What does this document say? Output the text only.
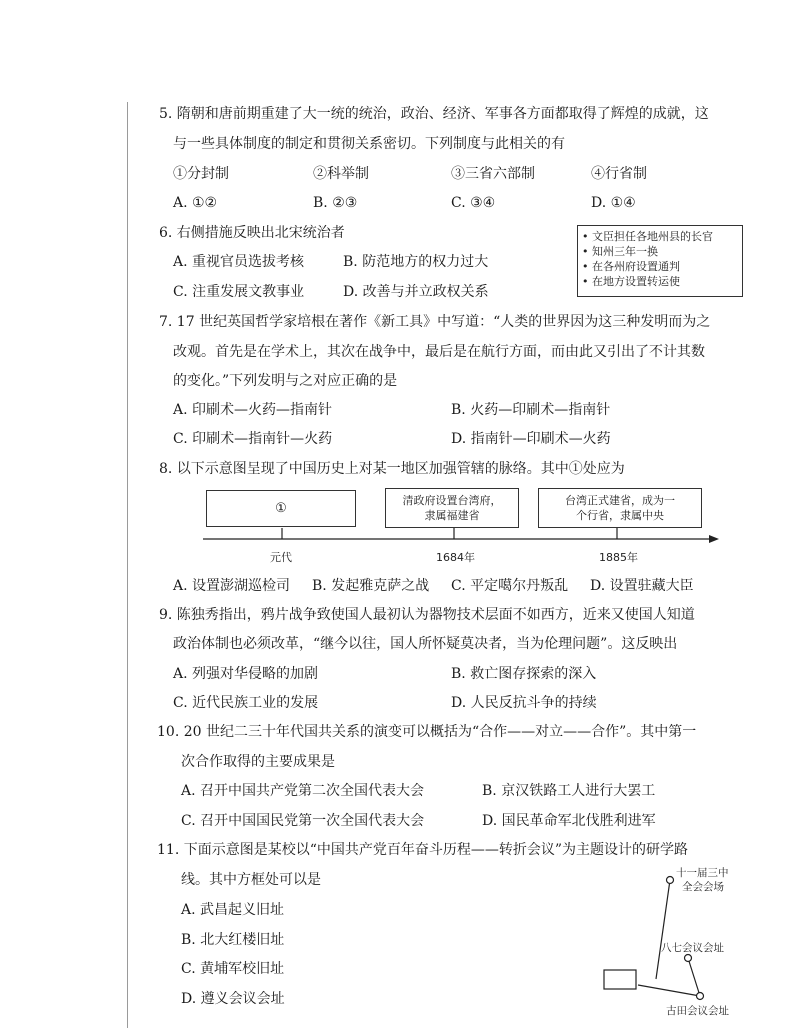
5. 隋朝和唐前期重建了大一统的统治，政治、经济、军事各方面都取得了辉煌的成就，这
与一些具体制度的制定和贯彻关系密切。下列制度与此相关的有
①分封制	②科举制	③三省六部制	④行省制
A. ①②	B. ②③	C. ③④	D. ①④
6. 右侧措施反映出北宋统治者
A. 重视官员选拔考核	B. 防范地方的权力过大
C. 注重发展文教事业	D. 改善与并立政权关系
• 文臣担任各地州县的长官
• 知州三年一换
• 在各州府设置通判
• 在地方设置转运使
7. 17 世纪英国哲学家培根在著作《新工具》中写道：“人类的世界因为这三种发明而为之
改观。首先是在学术上，其次在战争中，最后是在航行方面，而由此又引出了不计其数
的变化。”下列发明与之对应正确的是
A. 印刷术—火药—指南针	B. 火药—印刷术—指南针
C. 印刷术—指南针—火药	D. 指南针—印刷术—火药
8. 以下示意图呈现了中国历史上对某一地区加强管辖的脉络。其中①处应为
①
清政府设置台湾府，
隶属福建省
台湾正式建省，成为一
个行省，隶属中央
元代	1684年	1885年
A. 设置澎湖巡检司 B. 发起雅克萨之战 C. 平定噶尔丹叛乱 D. 设置驻藏大臣
9. 陈独秀指出，鸦片战争致使国人最初认为器物技术层面不如西方，近来又使国人知道
政治体制也必须改革，“继今以往，国人所怀疑莫决者，当为伦理问题”。这反映出
A. 列强对华侵略的加剧	B. 救亡图存探索的深入
C. 近代民族工业的发展	D. 人民反抗斗争的持续
10. 20 世纪二三十年代国共关系的演变可以概括为“合作——对立——合作”。其中第一
次合作取得的主要成果是
A. 召开中国共产党第二次全国代表大会	B. 京汉铁路工人进行大罢工
C. 召开中国国民党第一次全国代表大会	D. 国民革命军北伐胜利进军
11. 下面示意图是某校以“中国共产党百年奋斗历程——转折会议”为主题设计的研学路
线。其中方框处可以是
A. 武昌起义旧址
B. 北大红楼旧址
C. 黄埔军校旧址
D. 遵义会议会址
十一届三中
全会会场
八七会议会址
古田会议会址
